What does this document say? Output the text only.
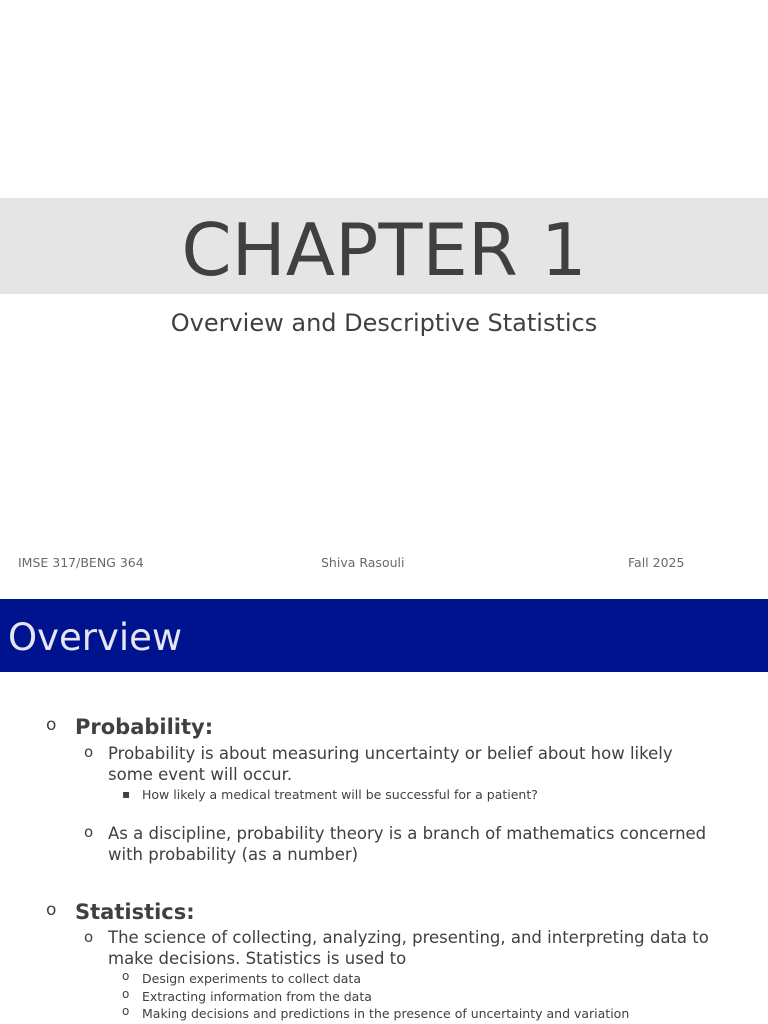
CHAPTER 1
Overview and Descriptive Statistics
IMSE 317/BENG 364	Shiva Rasouli	Fall 2025
Overview
o Probability:
o Probability is about measuring uncertainty or belief about how likely some event will occur.
▪ How likely a medical treatment will be successful for a patient?
o As a discipline, probability theory is a branch of mathematics concerned with probability (as a number)
o Statistics:
o The science of collecting, analyzing, presenting, and interpreting data to make decisions. Statistics is used to
o Design experiments to collect data
o Extracting information from the data
o Making decisions and predictions in the presence of uncertainty and variation
